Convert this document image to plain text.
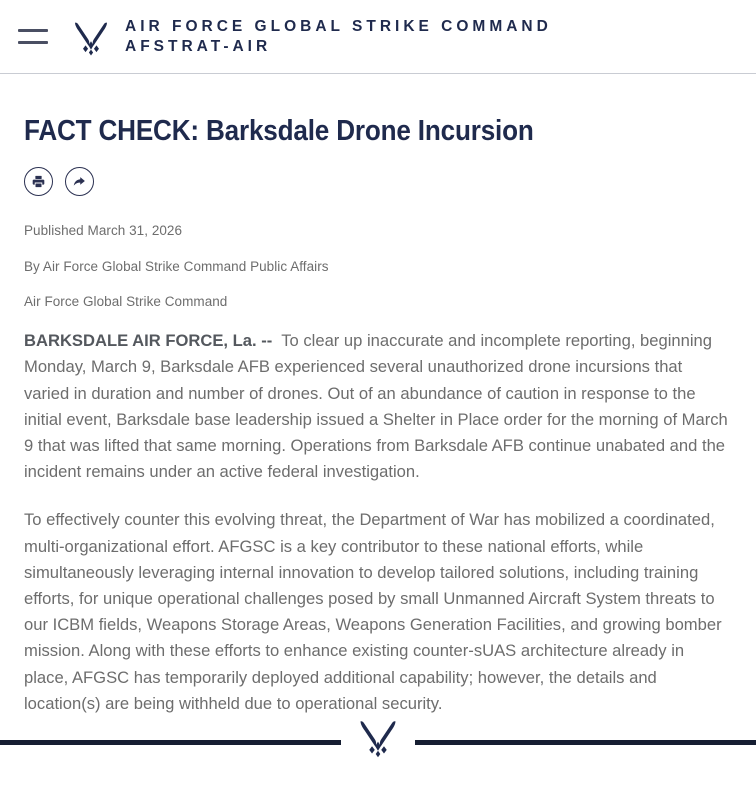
AIR FORCE GLOBAL STRIKE COMMAND
AFSTRAT-AIR
FACT CHECK: Barksdale Drone Incursion
Published March 31, 2026
By Air Force Global Strike Command Public Affairs
Air Force Global Strike Command

BARKSDALE AIR FORCE, La. -- To clear up inaccurate and incomplete reporting, beginning Monday, March 9, Barksdale AFB experienced several unauthorized drone incursions that varied in duration and number of drones. Out of an abundance of caution in response to the initial event, Barksdale base leadership issued a Shelter in Place order for the morning of March 9 that was lifted that same morning. Operations from Barksdale AFB continue unabated and the incident remains under an active federal investigation.

To effectively counter this evolving threat, the Department of War has mobilized a coordinated, multi-organizational effort. AFGSC is a key contributor to these national efforts, while simultaneously leveraging internal innovation to develop tailored solutions, including training efforts, for unique operational challenges posed by small Unmanned Aircraft System threats to our ICBM fields, Weapons Storage Areas, Weapons Generation Facilities, and growing bomber mission. Along with these efforts to enhance existing counter-sUAS architecture already in place, AFGSC has temporarily deployed additional capability; however, the details and location(s) are being withheld due to operational security.
